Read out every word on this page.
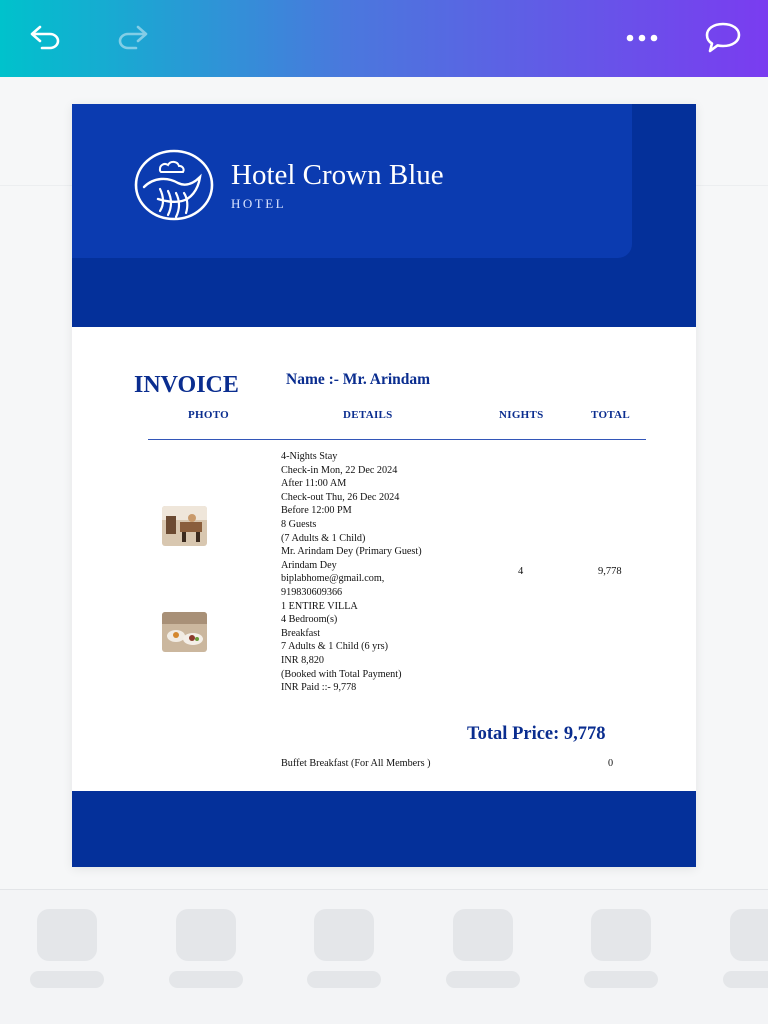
Hotel Crown Blue
HOTEL
INVOICE	Name :- Mr. Arindam
PHOTO	DETAILS	NIGHTS	TOTAL
4-Nights Stay
Check-in Mon, 22 Dec 2024
After 11:00 AM
Check-out Thu, 26 Dec 2024
Before 12:00 PM
8 Guests
(7 Adults & 1 Child)
Mr. Arindam Dey (Primary Guest)
Arindam Dey
biplabhome@gmail.com,
919830609366
1 ENTIRE VILLA
4 Bedroom(s)
Breakfast
7 Adults & 1 Child (6 yrs)
INR 8,820
(Booked with Total Payment)
INR Paid ::- 9,778
4	9,778
Total Price: 9,778
Buffet Breakfast (For All Members )	0
